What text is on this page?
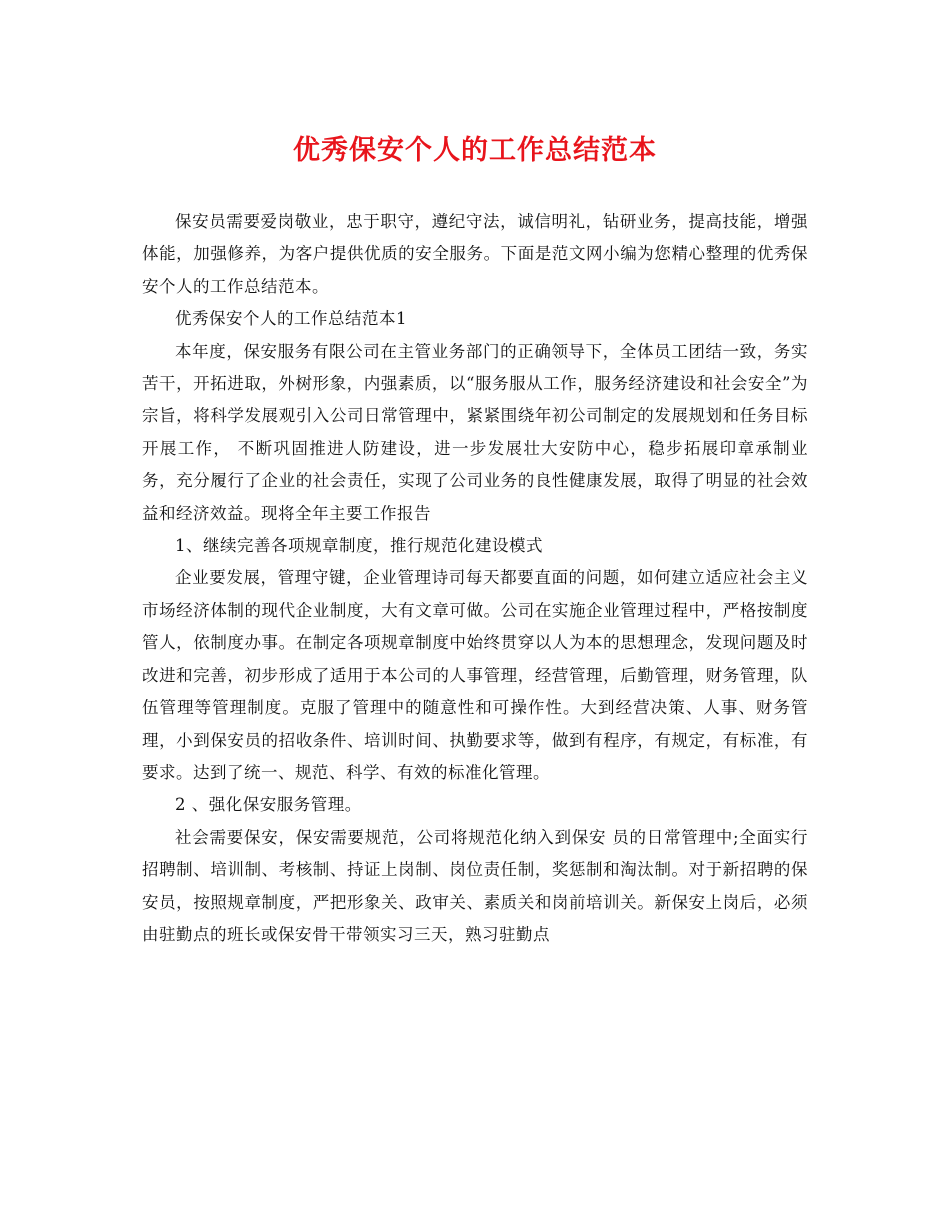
优秀保安个人的工作总结范本

保安员需要爱岗敬业，忠于职守，遵纪守法，诚信明礼，钻研业务，提高技能，增强体能，加强修养，为客户提供优质的安全服务。下面是范文网小编为您精心整理的优秀保安个人的工作总结范本。

优秀保安个人的工作总结范本1

本年度，保安服务有限公司在主管业务部门的正确领导下，全体员工团结一致，务实苦干，开拓进取，外树形象，内强素质，以“服务服从工作，服务经济建设和社会安全”为宗旨，将科学发展观引入公司日常管理中，紧紧围绕年初公司制定的发展规划和任务目标开展工作， 不断巩固推进人防建设，进一步发展壮大安防中心，稳步拓展印章承制业务，充分履行了企业的社会责任，实现了公司业务的良性健康发展，取得了明显的社会效益和经济效益。现将全年主要工作报告

1、继续完善各项规章制度，推行规范化建设模式

企业要发展，管理守键，企业管理诗司每天都要直面的问题，如何建立适应社会主义市场经济体制的现代企业制度，大有文章可做。公司在实施企业管理过程中，严格按制度管人，依制度办事。在制定各项规章制度中始终贯穿以人为本的思想理念，发现问题及时改进和完善，初步形成了适用于本公司的人事管理，经营管理，后勤管理，财务管理，队伍管理等管理制度。克服了管理中的随意性和可操作性。大到经营决策、人事、财务管理，小到保安员的招收条件、培训时间、执勤要求等，做到有程序，有规定，有标准，有要求。达到了统一、规范、科学、有效的标准化管理。

2 、强化保安服务管理。

社会需要保安，保安需要规范，公司将规范化纳入到保安 员的日常管理中;全面实行招聘制、培训制、考核制、持证上岗制、岗位责任制，奖惩制和淘汰制。对于新招聘的保安员，按照规章制度，严把形象关、政审关、素质关和岗前培训关。新保安上岗后，必须由驻勤点的班长或保安骨干带领实习三天，熟习驻勤点
